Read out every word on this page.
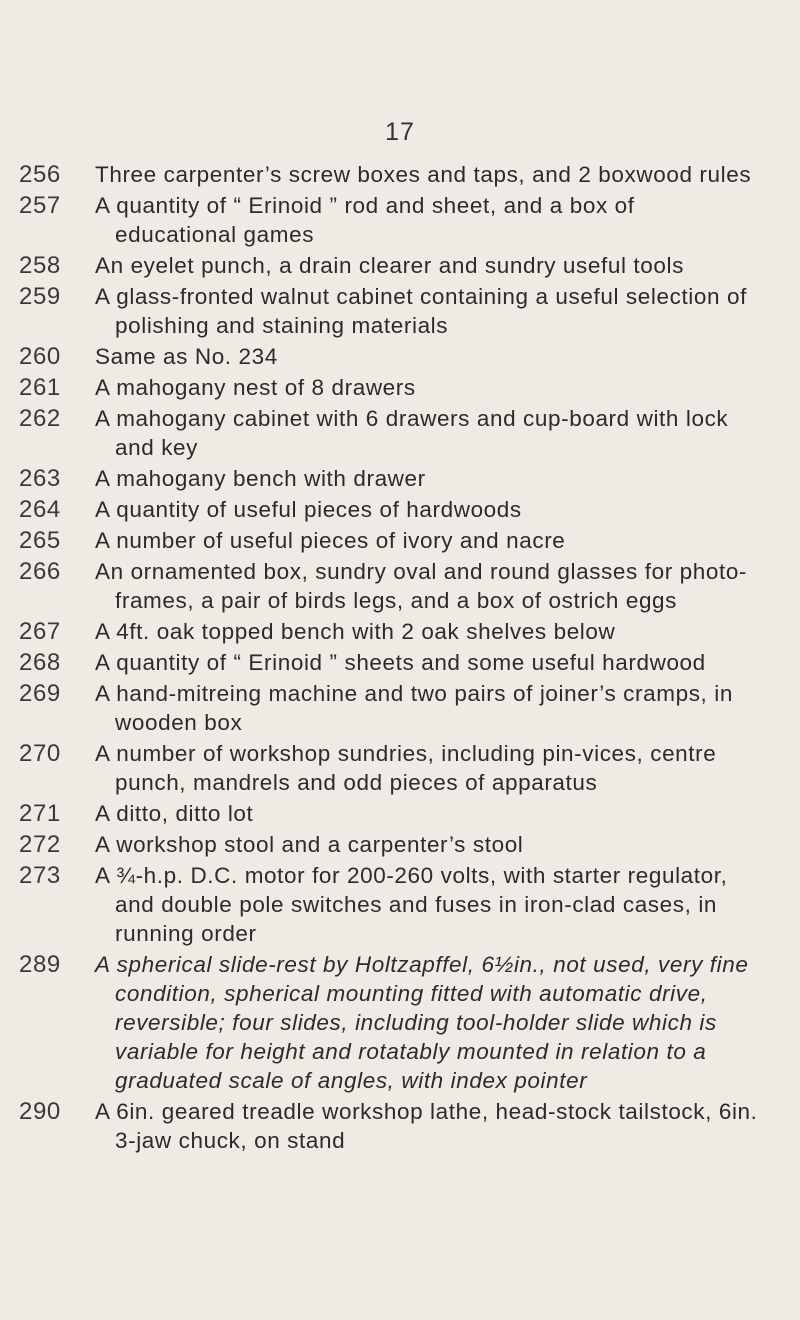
17
256	Three carpenter’s screw boxes and taps, and 2 boxwood rules
257	A quantity of “ Erinoid ” rod and sheet, and a box of educational games
258	An eyelet punch, a drain clearer and sundry useful tools
259	A glass-fronted walnut cabinet containing a useful selection of polishing and staining materials
260	Same as No. 234
261	A mahogany nest of 8 drawers
262	A mahogany cabinet with 6 drawers and cup-board with lock and key
263	A mahogany bench with drawer
264	A quantity of useful pieces of hardwoods
265	A number of useful pieces of ivory and nacre
266	An ornamented box, sundry oval and round glasses for photo-frames, a pair of birds legs, and a box of ostrich eggs
267	A 4ft. oak topped bench with 2 oak shelves below
268	A quantity of “ Erinoid ” sheets and some useful hardwood
269	A hand-mitreing machine and two pairs of joiner’s cramps, in wooden box
270	A number of workshop sundries, including pin-vices, centre punch, mandrels and odd pieces of apparatus
271	A ditto, ditto lot
272	A workshop stool and a carpenter’s stool
273	A ¾-h.p. D.C. motor for 200-260 volts, with starter regulator, and double pole switches and fuses in iron-clad cases, in running order
289	A spherical slide-rest by Holtzapffel, 6½in., not used, very fine condition, spherical mounting fitted with automatic drive, reversible; four slides, including tool-holder slide which is variable for height and rotatably mounted in relation to a graduated scale of angles, with index pointer
290	A 6in. geared treadle workshop lathe, head-stock tailstock, 6in. 3-jaw chuck, on stand
